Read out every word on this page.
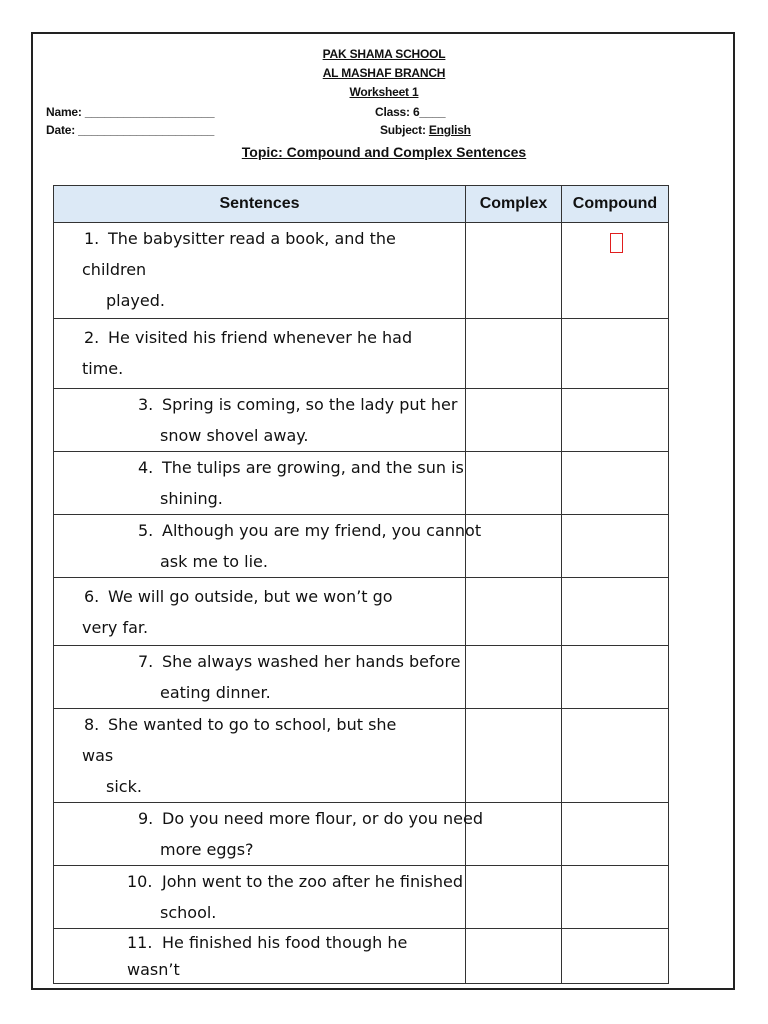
PAK SHAMA SCHOOL
AL MASHAF BRANCH
Worksheet 1
Name: ____________________
Date: _____________________
Class: 6____
Subject: English
Topic: Compound and Complex Sentences
Sentences	Complex	Compound

1. The babysitter read a book, and the
children
played.		

2. He visited his friend whenever he had
time.		

3. Spring is coming, so the lady put her
snow shovel away.		

4. The tulips are growing, and the sun is
shining.		

5. Although you are my friend, you cannot
ask me to lie.		

6. We will go outside, but we won’t go
very far.		

7. She always washed her hands before
eating dinner.		

8. She wanted to go to school, but she
was
sick.		

9. Do you need more flour, or do you need
more eggs?		

10. John went to the zoo after he finished
school.		

11. He finished his food though he wasn’t		
